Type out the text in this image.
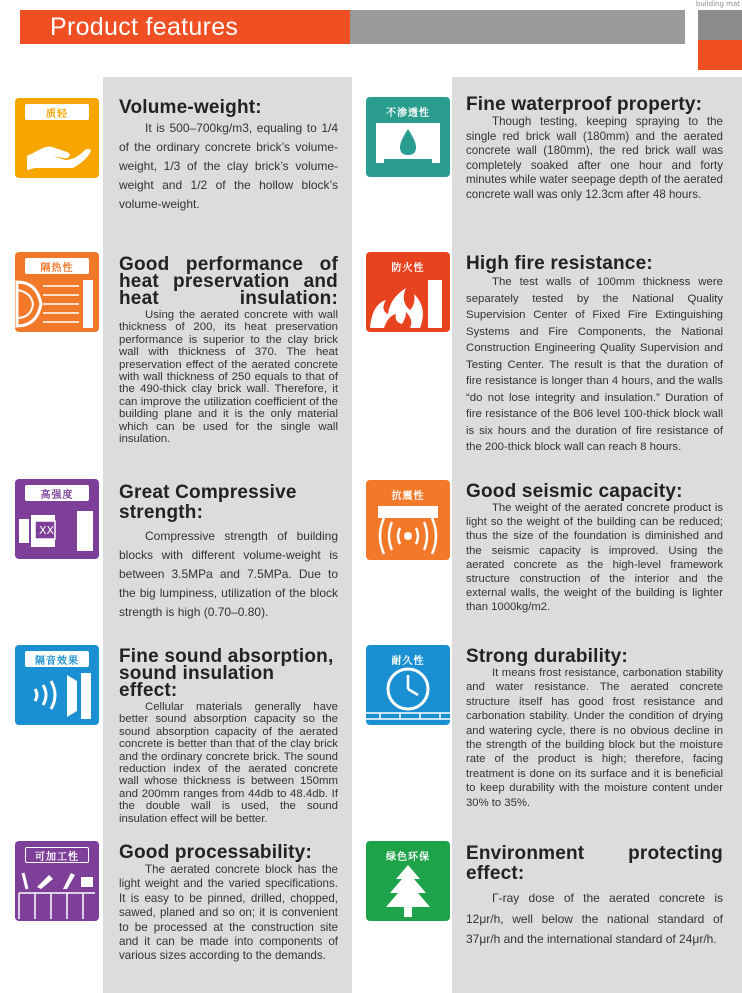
building mat
Product features
质轻
隔热性
XX
高强度
隔音效果
可加工性
不渗透性
防火性
抗震性
耐久性
绿色环保
Volume-weight:

It is 500–700kg/m3, equaling to 1/4 of the ordinary concrete brick’s volume-weight, 1/3 of the clay brick’s volume-weight and 1/2 of the hollow block’s volume-weight.

Good performance of heat preservation and heat insulation:

Using the aerated concrete with wall thickness of 200, its heat preservation performance is superior to the clay brick wall with thickness of 370. The heat preservation effect of the aerated concrete with wall thickness of 250 equals to that of the 490-thick clay brick wall. Therefore, it can improve the utilization coefficient of the building plane and it is the only material which can be used for the single wall insulation.

Great Compressive strength:

Compressive strength of building blocks with different volume-weight is between 3.5MPa and 7.5MPa. Due to the big lumpiness, utilization of the block strength is high (0.70–0.80).

Fine sound absorption, sound insulation effect:

Cellular materials generally have better sound absorption capacity so the sound absorption capacity of the aerated concrete is better than that of the clay brick and the ordinary concrete brick. The sound reduction index of the aerated concrete wall whose thickness is between 150mm and 200mm ranges from 44db to 48.4db. If the double wall is used, the sound insulation effect will be better.

Good processability:

The aerated concrete block has the light weight and the varied specifications. It is easy to be pinned, drilled, chopped, sawed, planed and so on; it is convenient to be processed at the construction site and it can be made into components of various sizes according to the demands.

Fine waterproof property:

Though testing, keeping spraying to the single red brick wall (180mm) and the aerated concrete wall (180mm), the red brick wall was completely soaked after one hour and forty minutes while water seepage depth of the aerated concrete wall was only 12.3cm after 48 hours.

High fire resistance:

The test walls of 100mm thickness were separately tested by the National Quality Supervision Center of Fixed Fire Extinguishing Systems and Fire Components, the National Construction Engineering Quality Supervision and Testing Center. The result is that the duration of fire resistance is longer than 4 hours, and the walls “do not lose integrity and insulation.” Duration of fire resistance of the B06 level 100-thick block wall is six hours and the duration of fire resistance of the 200-thick block wall can reach 8 hours.

Good seismic capacity:

The weight of the aerated concrete product is light so the weight of the building can be reduced; thus the size of the foundation is diminished and the seismic capacity is improved. Using the aerated concrete as the high-level framework structure construction of the interior and the external walls, the weight of the building is lighter than 1000kg/m2.

Strong durability:

It means frost resistance, carbonation stability and water resistance. The aerated concrete structure itself has good frost resistance and carbonation stability. Under the condition of drying and watering cycle, there is no obvious decline in the strength of the building block but the moisture rate of the product is high; therefore, facing treatment is done on its surface and it is beneficial to keep durability with the moisture content under 30% to 35%.

Environment protecting effect:

Γ-ray dose of the aerated concrete is 12μr/h, well below the national standard of 37μr/h and the international standard of 24μr/h.
